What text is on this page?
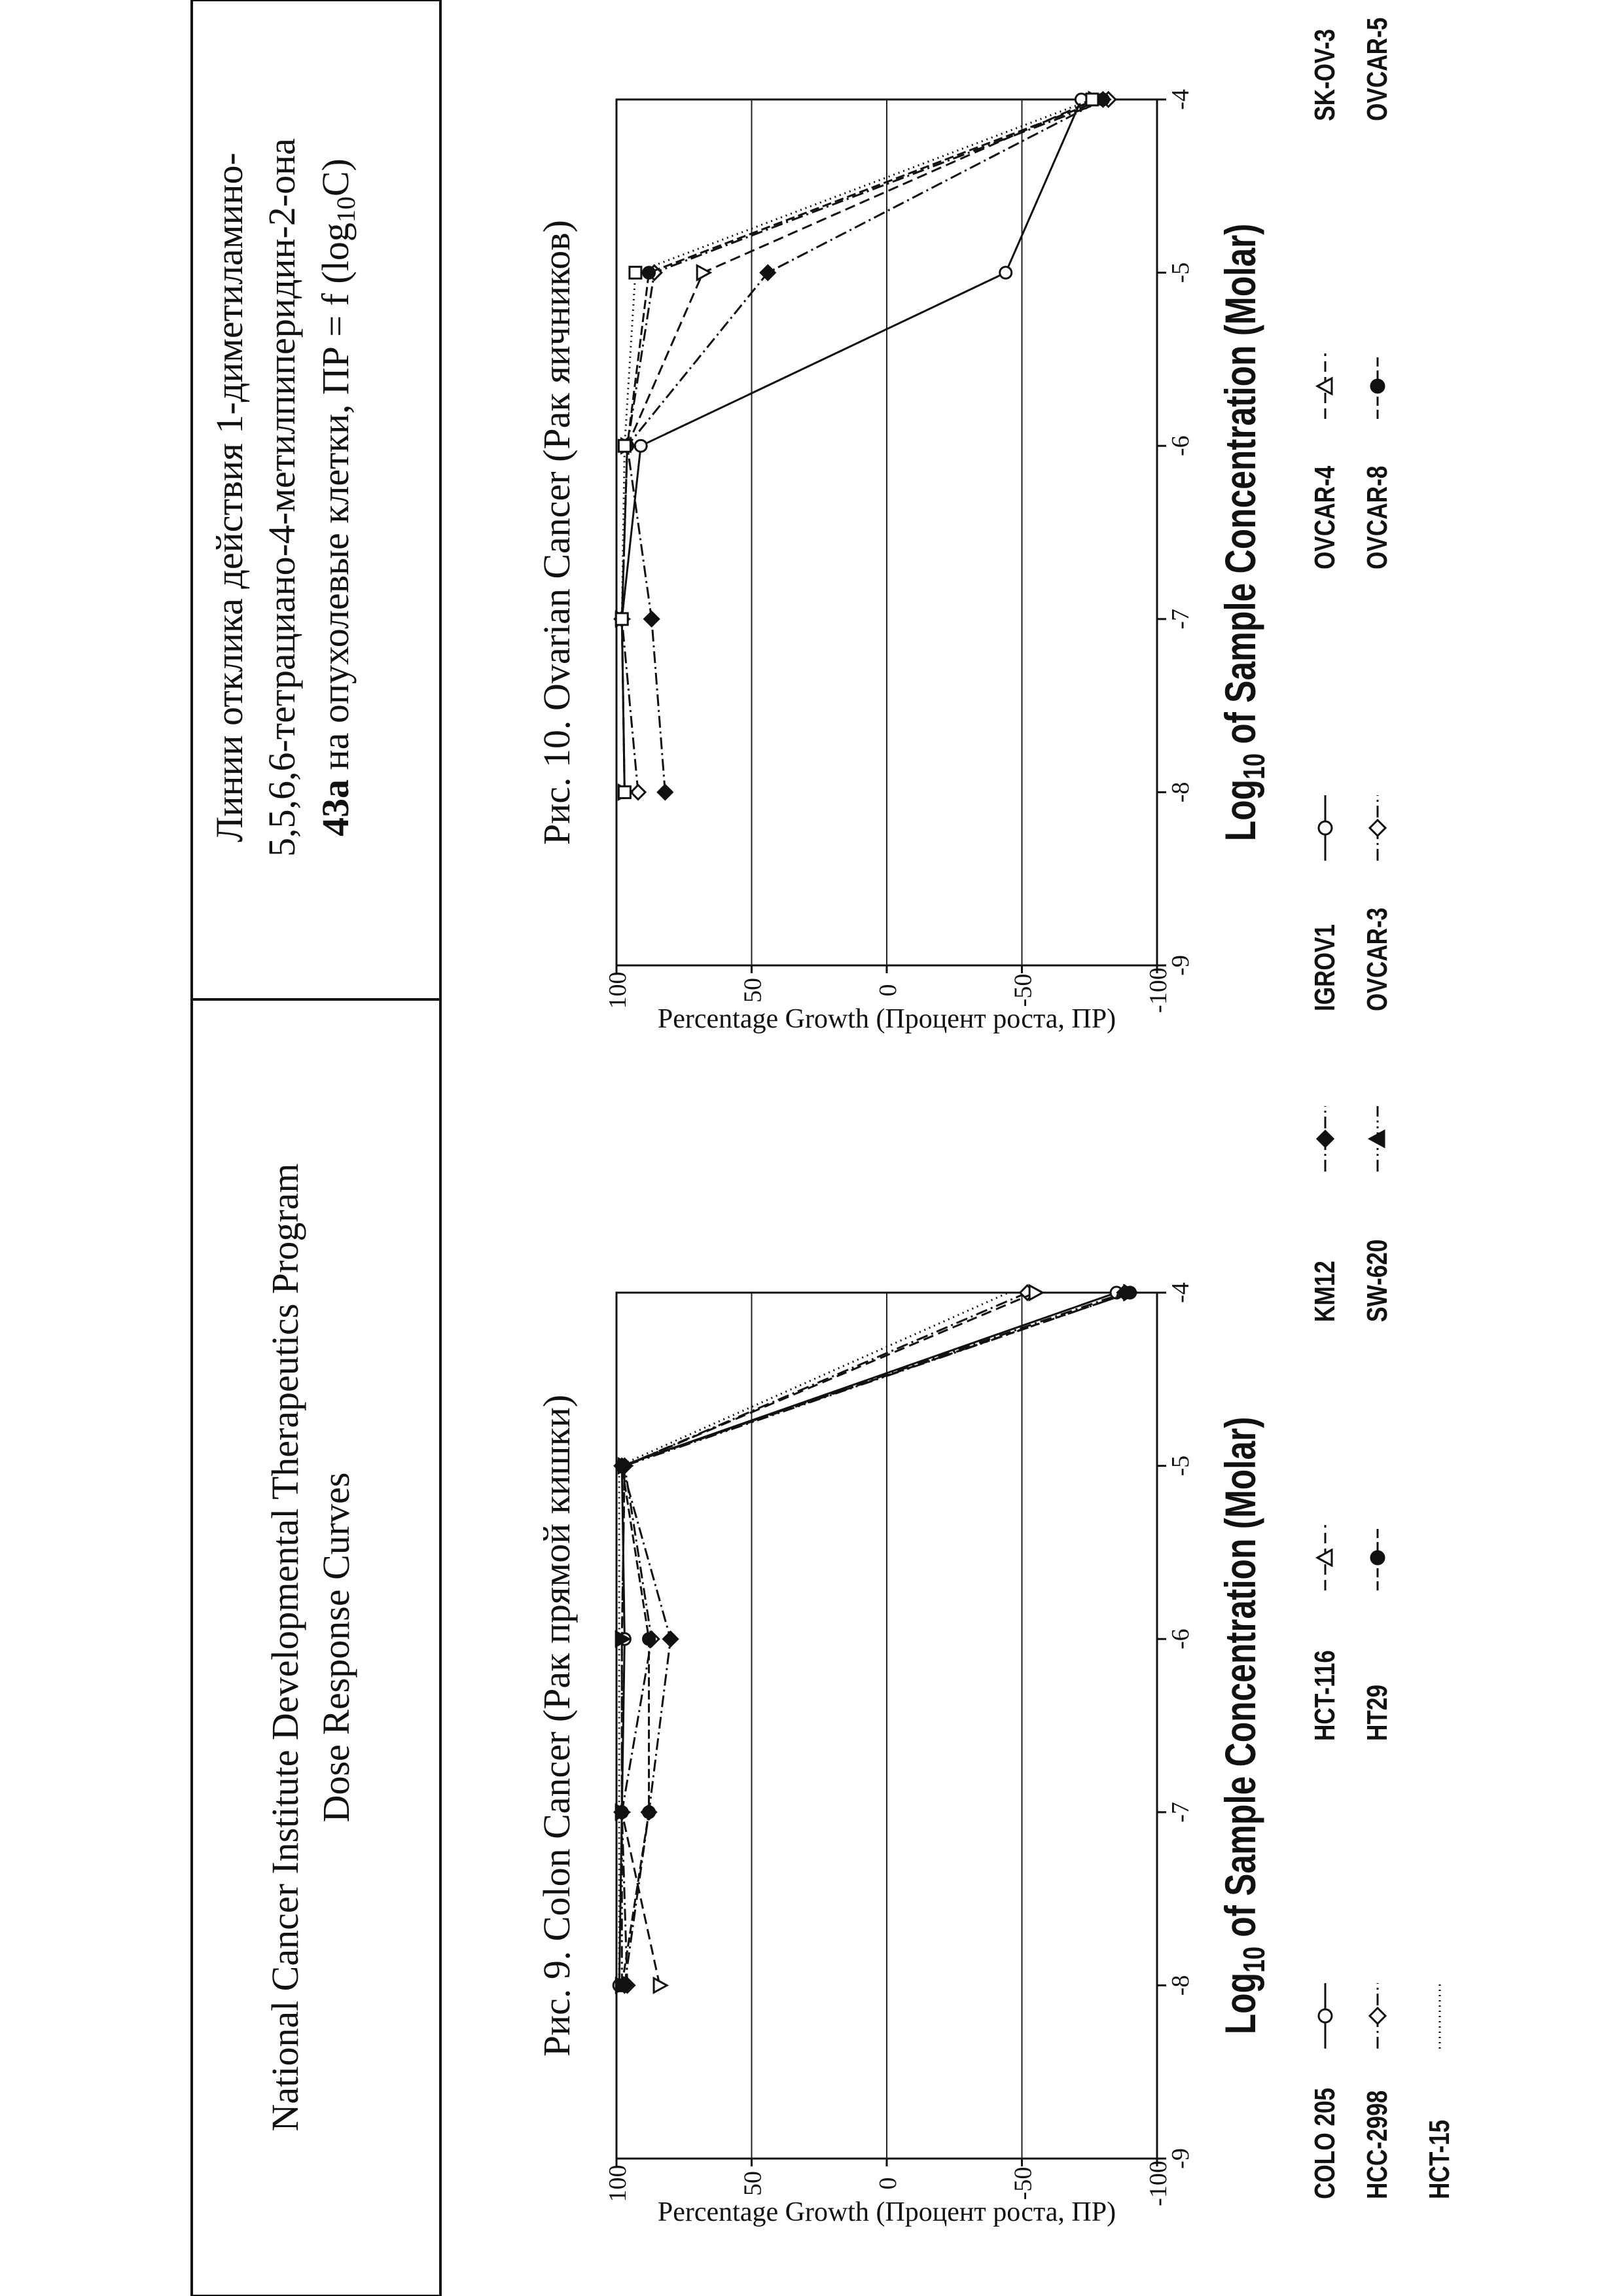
National Cancer Institute Developmental Therapeutics Program Dose Response Curves
Линии отклика действия 1-диметиламино- 5,5,6,6-тетрациано-4-метилпиперидин-2-она 43a на опухолевые клетки, ПР = f (log10C)
-9
-8
-7
-6
-5
-4
100	50	0	-50	-100
Percentage Growth (Процент роста, ПР)
Log$_{10}$ of Sample Concentration (Molar)
Рис. 9. Colon Cancer (Рак прямой кишки)
COLO 205 HCC-2998
HCT-116 HT29
KM12 SW-620
HCT-15
-9
-8
-7
-6
-5
-4
100	50	0	-50	-100
Percentage Growth (Процент роста, ПР)
Log$_{10}$ of Sample Concentration (Molar)
Рис. 10. Ovarian Cancer (Рак яичников)
IGROV1 OVCAR-3
OVCAR-4 OVCAR-8
SK-OV-3 OVCAR-5
